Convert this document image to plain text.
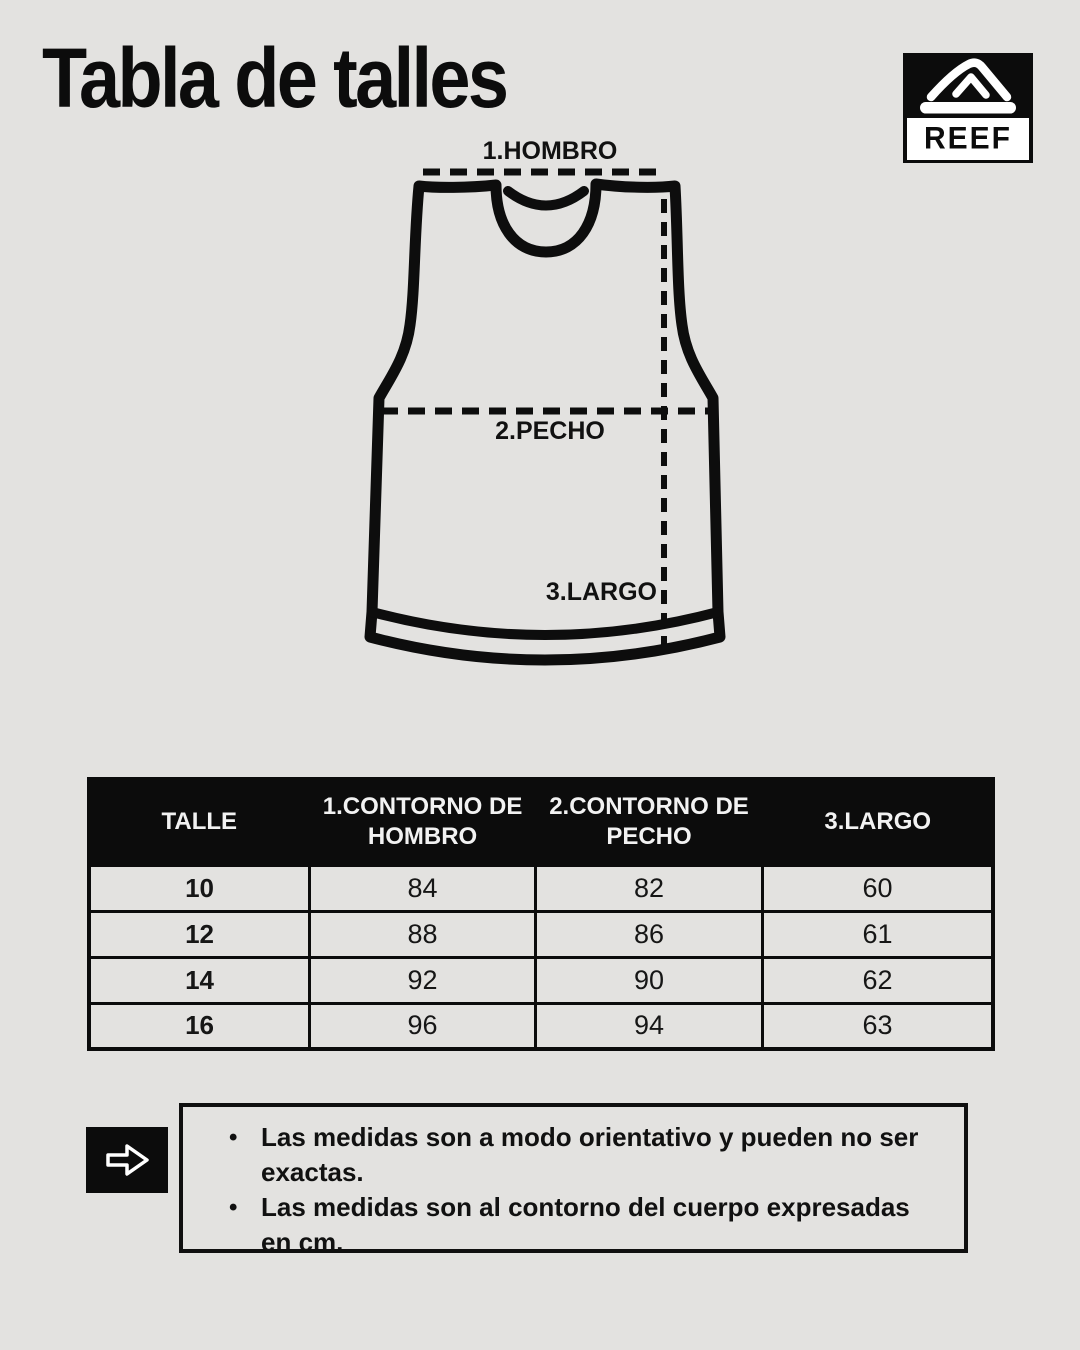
Tabla de talles
REEF
1.HOMBRO
2.PECHO
3.LARGO
TALLE	1.CONTORNO DE HOMBRO	2.CONTORNO DE PECHO	3.LARGO
10	84	82	60
12	88	86	61
14	92	90	62
16	96	94	63
• Las medidas son a modo orientativo y pueden no ser exactas.
• Las medidas son al contorno del cuerpo expresadas en cm.
